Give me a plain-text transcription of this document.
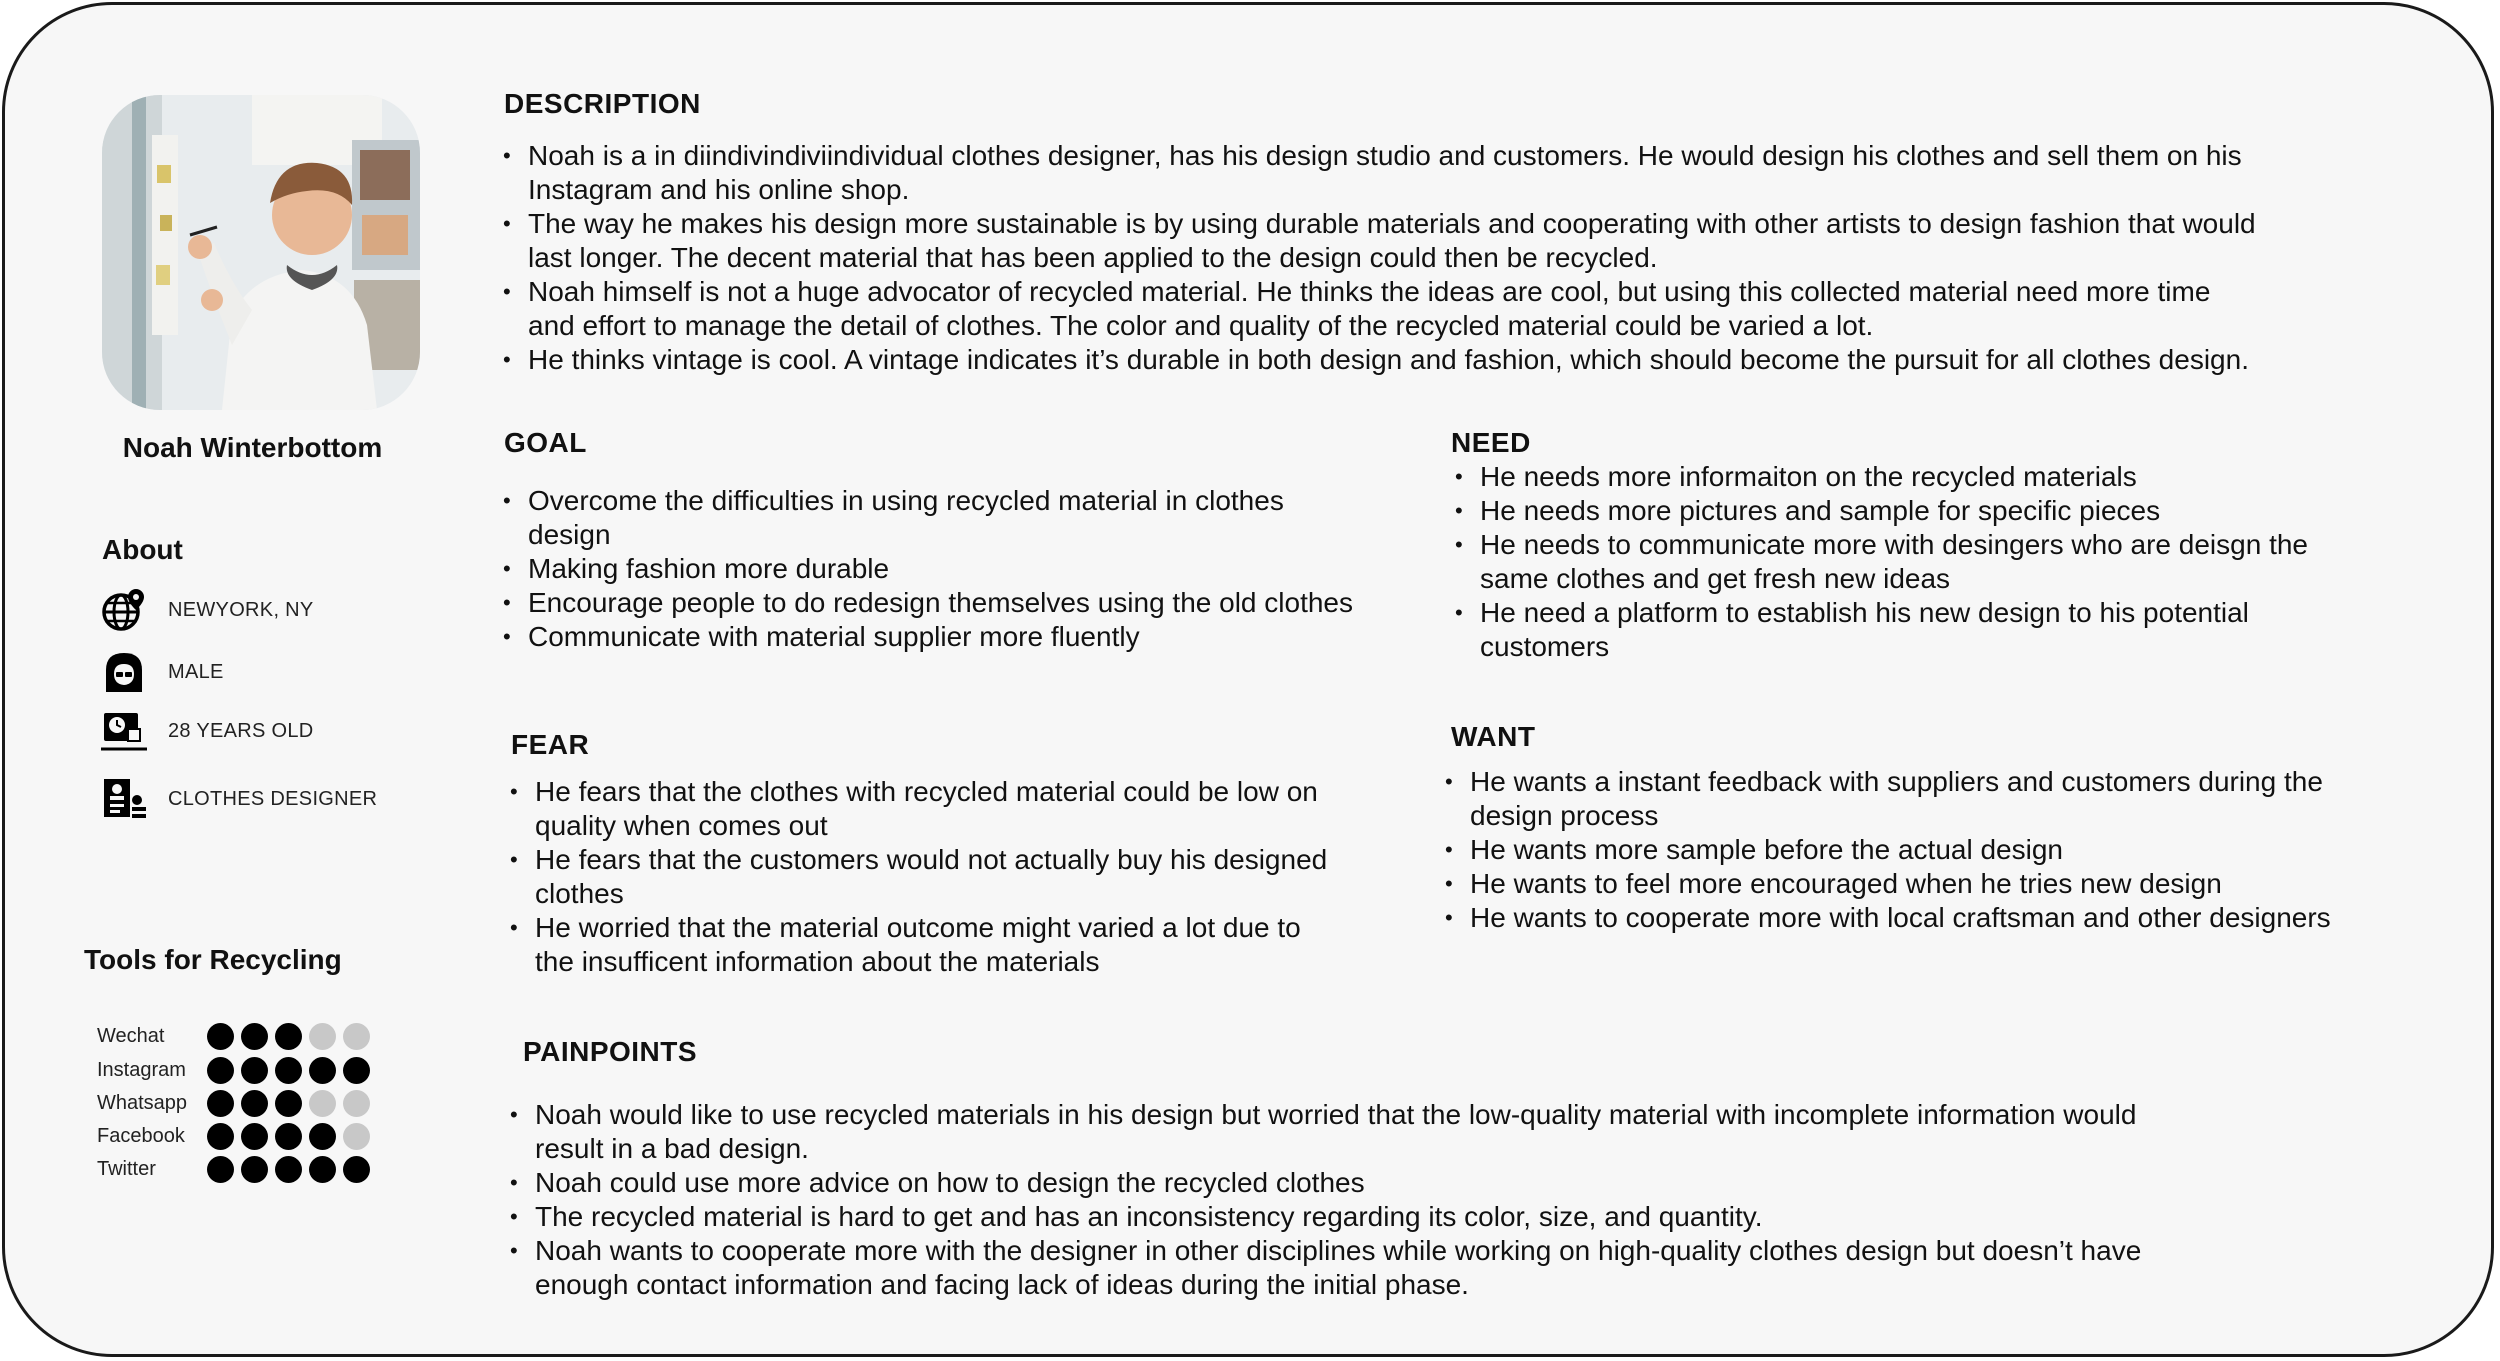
Noah Winterbottom
About
NEWYORK, NY
MALE
28 YEARS OLD
CLOTHES DESIGNER
Tools for Recycling
Wechat
Instagram
Whatsapp
Facebook
Twitter
DESCRIPTION
• Noah is a in diindivindiviindividual clothes designer, has his design studio and customers. He would design his clothes and sell them on his Instagram and his online shop.
• The way he makes his design more sustainable is by using durable materials and cooperating with other artists to design fashion that would last longer. The decent material that has been applied to the design could then be recycled.
• Noah himself is not a huge advocator of recycled material. He thinks the ideas are cool, but using this collected material need more time and effort to manage the detail of clothes. The color and quality of the recycled material could be varied a lot.
• He thinks vintage is cool. A vintage indicates it’s durable in both design and fashion, which should become the pursuit for all clothes design.
GOAL
• Overcome the difficulties in using recycled material in clothes design
• Making fashion more durable
• Encourage people to do redesign themselves using the old clothes
• Communicate with material supplier more fluently
NEED
• He needs more informaiton on the recycled materials
• He needs more pictures and sample for specific pieces
• He needs to communicate more with desingers who are deisgn the same clothes and get fresh new ideas
• He need a platform to establish his new design to his potential customers
FEAR
• He fears that the clothes with recycled material could be low on quality when comes out
• He fears that the customers would not actually buy his designed clothes
• He worried that the material outcome might varied a lot due to the insufficent information about the materials
WANT
• He wants a instant feedback with suppliers and customers during the design process
• He wants more sample before the actual design
• He wants to feel more encouraged when he tries new design
• He wants to cooperate more with local craftsman and other designers
PAINPOINTS
• Noah would like to use recycled materials in his design but worried that the low-quality material with incomplete information would result in a bad design.
• Noah could use more advice on how to design the recycled clothes
• The recycled material is hard to get and has an inconsistency regarding its color, size, and quantity.
• Noah wants to cooperate more with the designer in other disciplines while working on high-quality clothes design but doesn’t have enough contact information and facing lack of ideas during the initial phase.
